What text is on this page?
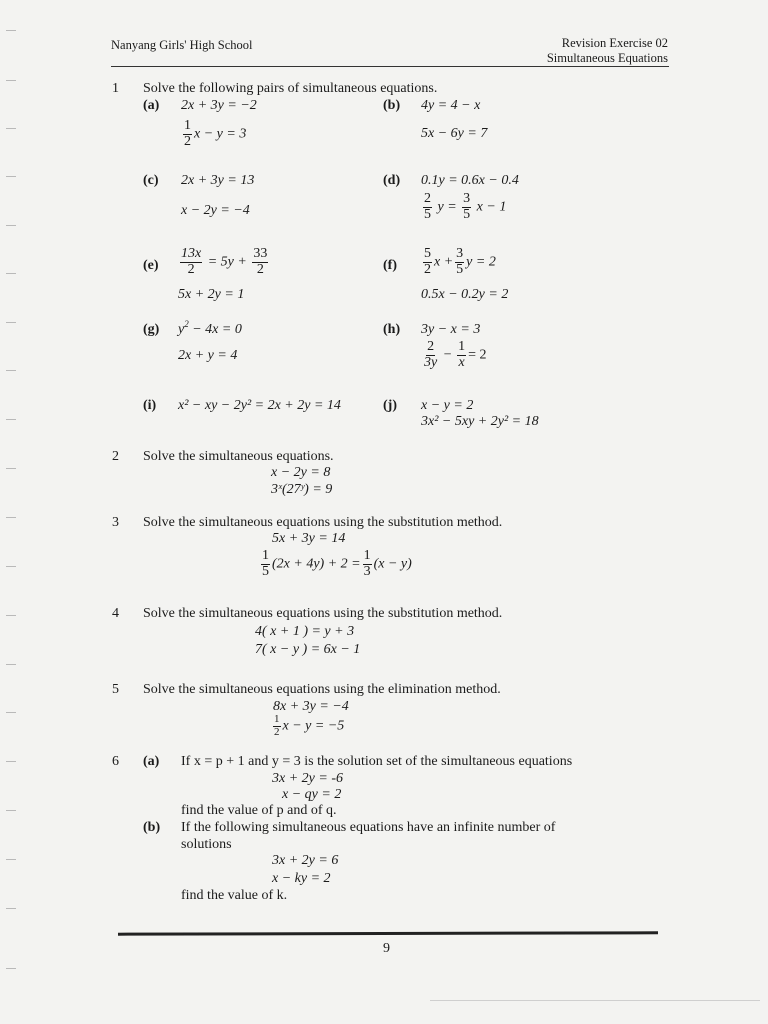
Nanyang Girls' High School	Revision Exercise 02
Simultaneous Equations
1 Solve the following pairs of simultaneous equations.
(a) 2x + 3y = −2
$\frac{1}{2}$ x − y = 3
(b) 4y = 4 − x
5x − 6y = 7
(c) 2x + 3y = 13
x − 2y = −4
(d) 0.1y = 0.6x − 0.4
$\frac{2}{5}$ $y = \frac{3}{5}$ x − 1
$(e) \frac{13x}{2} = 5y + \frac{33}{2}$
5x + 2y = 1
$(f) \frac{5}{2}$ $x + \frac{3}{5}$ y = 2
0.5x − 0.2y = 2
(g) $y^2 - 4x = 0$
2x + y = 4
(h) 3y − x = 3
$\frac{2}{3y} - \frac{1}{x} = 2$
(i) x² − xy − 2y² = 2x + 2y = 14	(j) x − y = 2
3x² − 5xy + 2y² = 18
2 Solve the simultaneous equations.
x − 2y = 8
3ˣ(27ʸ) = 9
3 Solve the simultaneous equations using the substitution method.
5x + 3y = 14
$\frac{1}{5} (2x + 4y) + 2 = \frac{1}{3} (x - y)$
4 Solve the simultaneous equations using the substitution method.
4( x + 1 ) = y + 3
7( x − y ) = 6x − 1
5 Solve the simultaneous equations using the elimination method.
8x + 3y = −4
$\frac{1}{2}$ x − y = −5
6 (a) If x = p + 1 and y = 3 is the solution set of the simultaneous equations
3x + 2y = -6
x − qy = 2
find the value of p and of q.
(b) If the following simultaneous equations have an infinite number of
solutions
3x + 2y = 6
x − ky = 2
find the value of k.
9
